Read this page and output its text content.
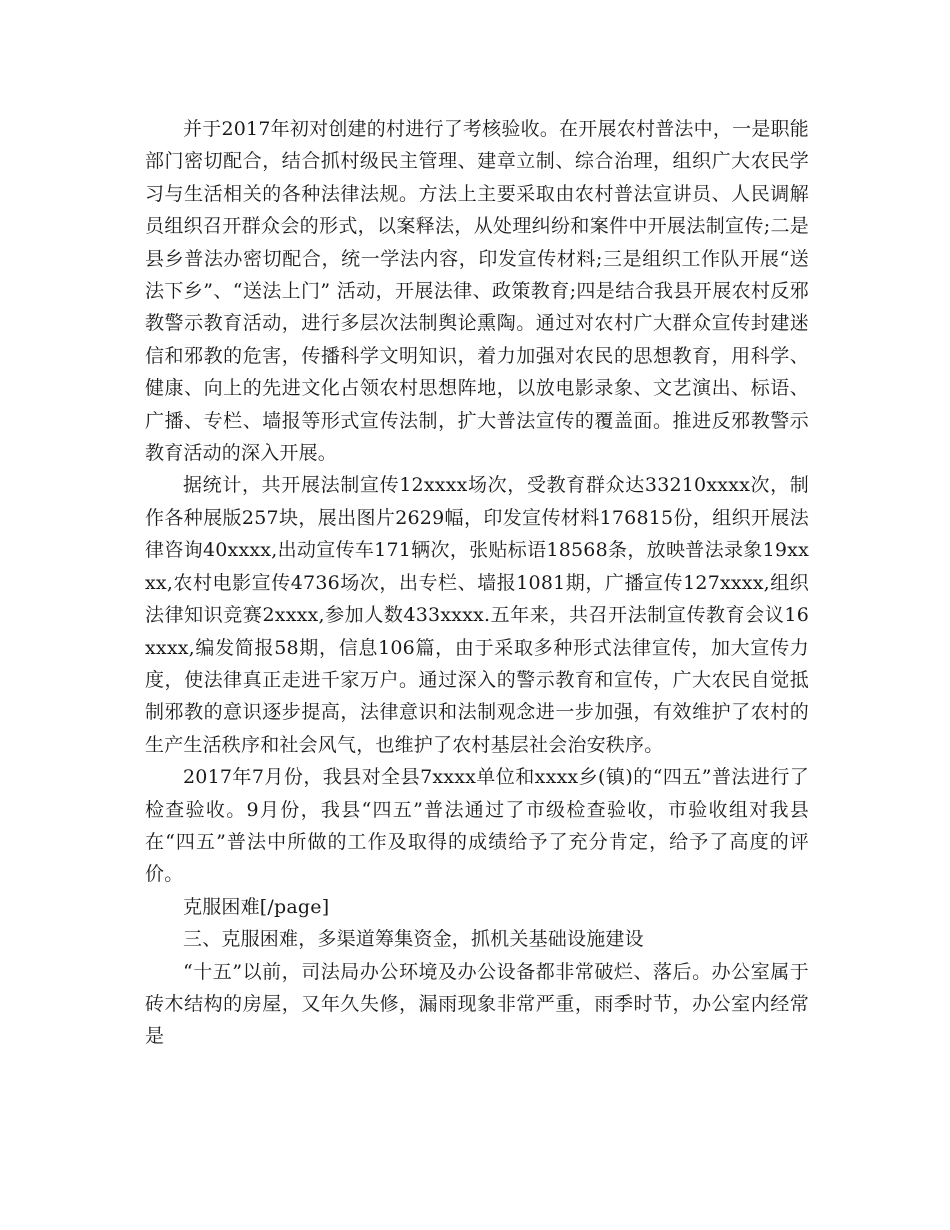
并于2017年初对创建的村进行了考核验收。在开展农村普法中，一是职能部门密切配合，结合抓村级民主管理、建章立制、综合治理，组织广大农民学习与生活相关的各种法律法规。方法上主要采取由农村普法宣讲员、人民调解员组织召开群众会的形式，以案释法，从处理纠纷和案件中开展法制宣传;二是县乡普法办密切配合，统一学法内容，印发宣传材料;三是组织工作队开展“送法下乡”、“送法上门” 活动，开展法律、政策教育;四是结合我县开展农村反邪教警示教育活动，进行多层次法制舆论熏陶。通过对农村广大群众宣传封建迷信和邪教的危害，传播科学文明知识，着力加强对农民的思想教育，用科学、健康、向上的先进文化占领农村思想阵地，以放电影录象、文艺演出、标语、广播、专栏、墙报等形式宣传法制，扩大普法宣传的覆盖面。推进反邪教警示教育活动的深入开展。

据统计，共开展法制宣传12xxxx场次，受教育群众达33210xxxx次，制作各种展版257块，展出图片2629幅，印发宣传材料176815份，组织开展法律咨询40xxxx,出动宣传车171辆次，张贴标语18568条，放映普法录象19xxxx,农村电影宣传4736场次，出专栏、墙报1081期，广播宣传127xxxx,组织法律知识竞赛2xxxx,参加人数433xxxx.五年来，共召开法制宣传教育会议16xxxx,编发简报58期，信息106篇，由于采取多种形式法律宣传，加大宣传力度，使法律真正走进千家万户。通过深入的警示教育和宣传，广大农民自觉抵制邪教的意识逐步提高，法律意识和法制观念进一步加强，有效维护了农村的生产生活秩序和社会风气，也维护了农村基层社会治安秩序。

2017年7月份，我县对全县7xxxx单位和xxxx乡(镇)的“四五”普法进行了检查验收。9月份，我县“四五”普法通过了市级检查验收，市验收组对我县在“四五”普法中所做的工作及取得的成绩给予了充分肯定，给予了高度的评价。

克服困难[/page]

三、克服困难，多渠道筹集资金，抓机关基础设施建设

“十五”以前，司法局办公环境及办公设备都非常破烂、落后。办公室属于砖木结构的房屋，又年久失修，漏雨现象非常严重，雨季时节，办公室内经常是
